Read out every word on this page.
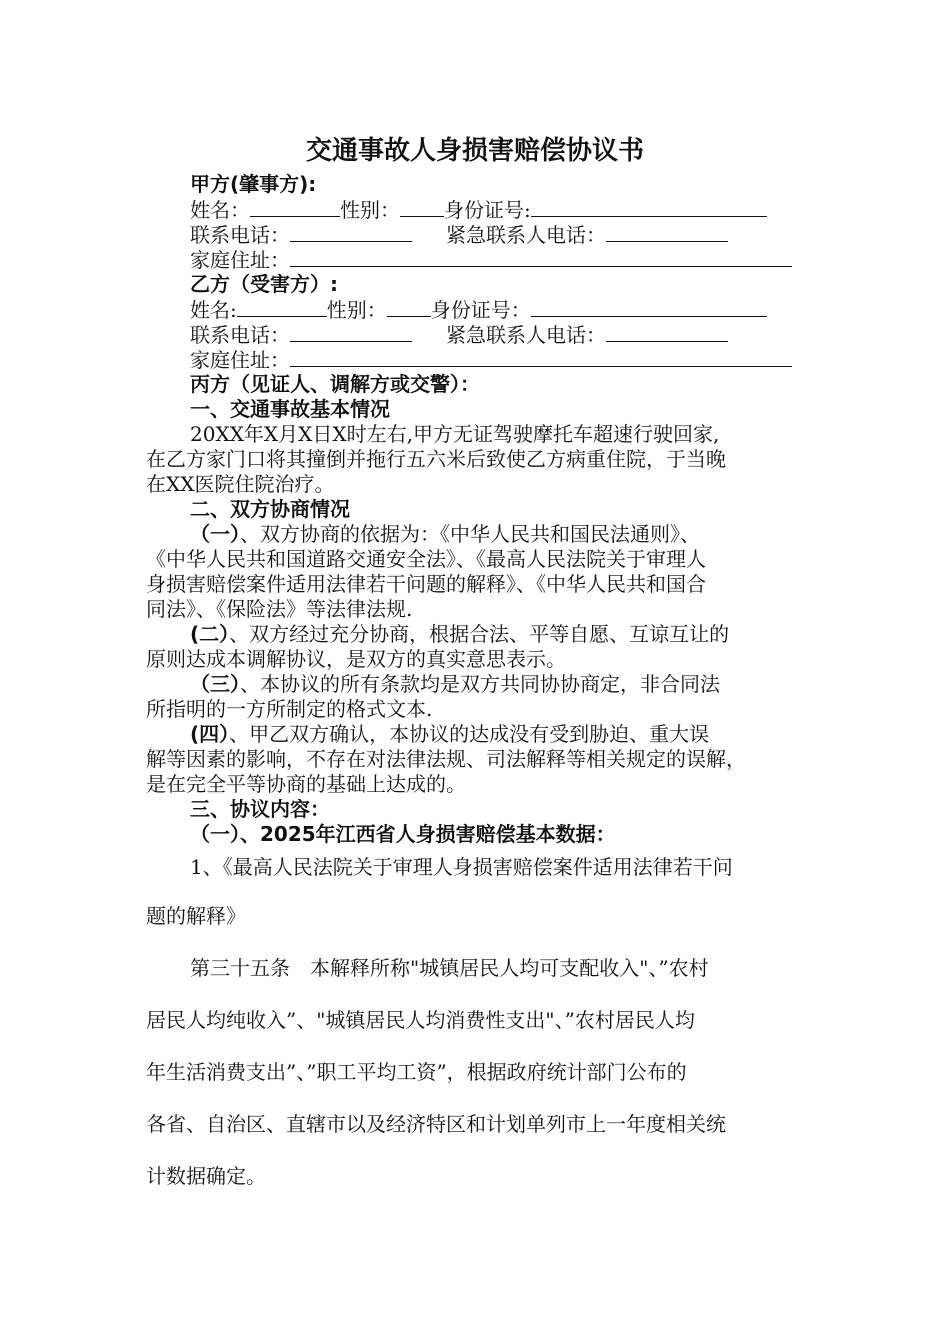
交通事故人身损害赔偿协议书
甲方(肇事方):
姓名：	性别： 身份证号:
联系电话：	紧急联系人电话：
家庭住址：
乙方（受害方）:
姓名:	性别： 身份证号：
联系电话：	紧急联系人电话：
家庭住址：
丙方（见证人、调解方或交警）：
一、交通事故基本情况
20XX年X月X日X时左右,甲方无证驾驶摩托车超速行驶回家,
在乙方家门口将其撞倒并拖行五六米后致使乙方病重住院，于当晚
在XX医院住院治疗。
二、双方协商情况
（一）、双方协商的依据为：《中华人民共和国民法通则》、
《中华人民共和国道路交通安全法》、《最高人民法院关于审理人
身损害赔偿案件适用法律若干问题的解释》、《中华人民共和国合
同法》、《保险法》等法律法规.
(二）、双方经过充分协商，根据合法、平等自愿、互谅互让的
原则达成本调解协议，是双方的真实意思表示。
（三）、本协议的所有条款均是双方共同协协商定，非合同法
所指明的一方所制定的格式文本.
(四）、甲乙双方确认，本协议的达成没有受到胁迫、重大误
解等因素的影响，不存在对法律法规、司法解释等相关规定的误解，
是在完全平等协商的基础上达成的。
三、协议内容：
（一）、2025年江西省人身损害赔偿基本数据：
1、《最高人民法院关于审理人身损害赔偿案件适用法律若干问
题的解释》
第三十五条　本解释所称"城镇居民人均可支配收入"、”农村
居民人均纯收入”、"城镇居民人均消费性支出"、”农村居民人均
年生活消费支出”、”职工平均工资”，根据政府统计部门公布的
各省、自治区、直辖市以及经济特区和计划单列市上一年度相关统
计数据确定。
